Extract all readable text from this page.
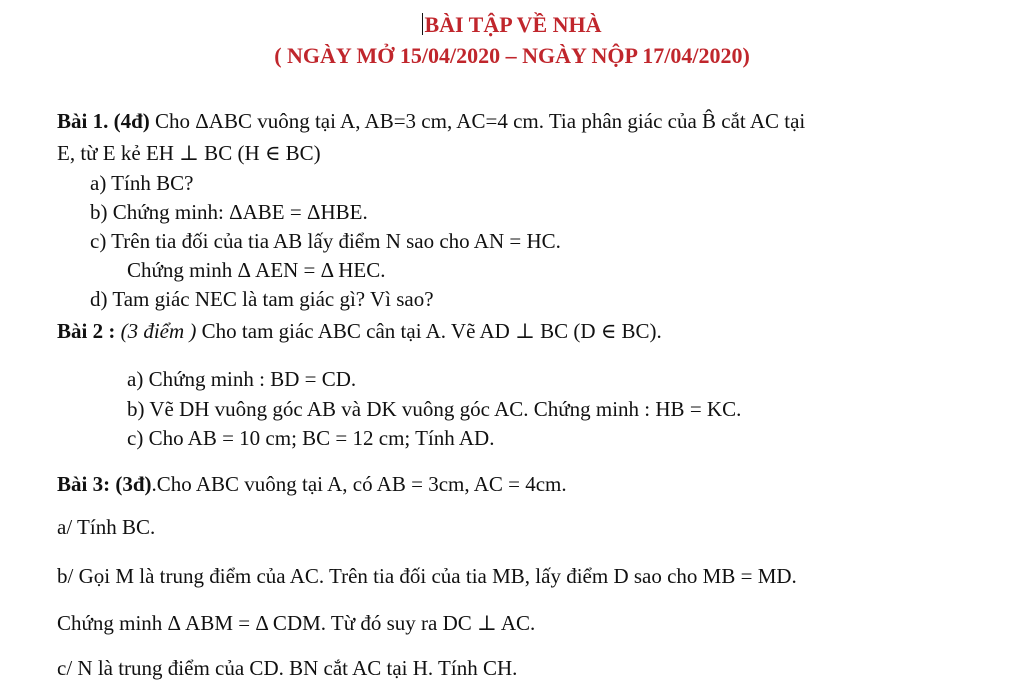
BÀI TẬP VỀ NHÀ
( NGÀY MỞ 15/04/2020 – NGÀY NỘP 17/04/2020)
Bài 1. (4đ) Cho ΔABC vuông tại A, AB=3 cm, AC=4 cm. Tia phân giác của B̂ cắt AC tại
E, từ E kẻ EH ⊥ BC (H ∈ BC)
a) Tính BC?
b) Chứng minh: ΔABE = ΔHBE.
c) Trên tia đối của tia AB lấy điểm N sao cho AN = HC.
Chứng minh Δ AEN = Δ HEC.
d) Tam giác NEC là tam giác gì? Vì sao?
Bài 2 : (3 điểm ) Cho tam giác ABC cân tại A. Vẽ AD ⊥ BC (D ∈ BC).
a) Chứng minh : BD = CD.
b) Vẽ DH vuông góc AB và DK vuông góc AC. Chứng minh : HB = KC.
c) Cho AB = 10 cm; BC = 12 cm; Tính AD.
Bài 3: (3đ).Cho ABC vuông tại A, có AB = 3cm, AC = 4cm.
a/ Tính BC.
b/ Gọi M là trung điểm của AC. Trên tia đối của tia MB, lấy điểm D sao cho MB = MD.
Chứng minh Δ ABM = Δ CDM. Từ đó suy ra DC ⊥ AC.
c/ N là trung điểm của CD. BN cắt AC tại H. Tính CH.
